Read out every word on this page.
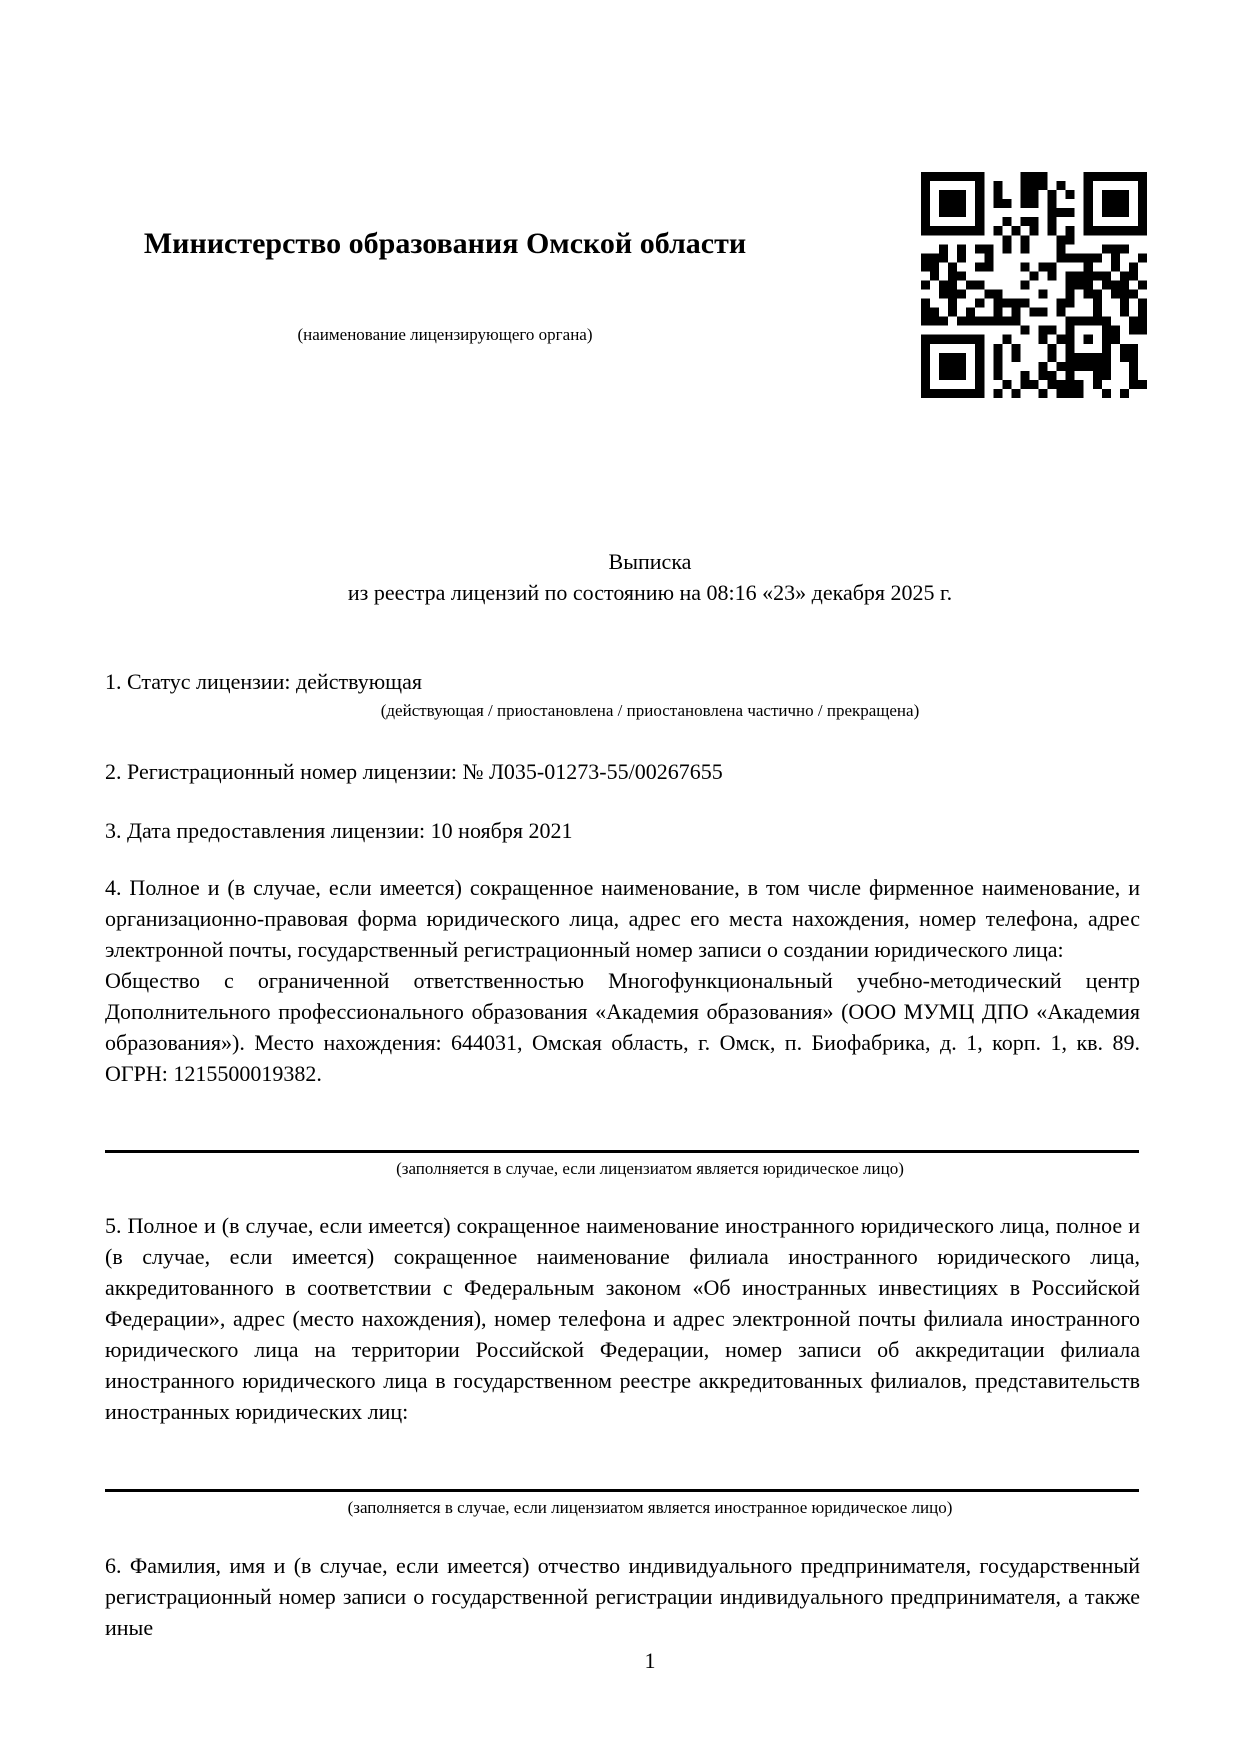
Министерство образования Омской области
(наименование лицензирующего органа)
Выписка
из реестра лицензий по состоянию на 08:16 «23» декабря 2025 г.
1. Статус лицензии: действующая
(действующая / приостановлена / приостановлена частично / прекращена)
2. Регистрационный номер лицензии: № Л035-01273-55/00267655
3. Дата предоставления лицензии: 10 ноября 2021
4. Полное и (в случае, если имеется) сокращенное наименование, в том числе фирменное наименование, и организационно-правовая форма юридического лица, адрес его места нахождения, номер телефона, адрес электронной почты, государственный регистрационный номер записи о создании юридического лица:
Общество с ограниченной ответственностью Многофункциональный учебно-методический центр Дополнительного профессионального образования «Академия образования» (ООО МУМЦ ДПО «Академия образования»). Место нахождения: 644031, Омская область, г. Омск, п. Биофабрика, д. 1, корп. 1, кв. 89. ОГРН: 1215500019382.
(заполняется в случае, если лицензиатом является юридическое лицо)
5. Полное и (в случае, если имеется) сокращенное наименование иностранного юридического лица, полное и (в случае, если имеется) сокращенное наименование филиала иностранного юридического лица, аккредитованного в соответствии с Федеральным законом «Об иностранных инвестициях в Российской Федерации», адрес (место нахождения), номер телефона и адрес электронной почты филиала иностранного юридического лица на территории Российской Федерации, номер записи об аккредитации филиала иностранного юридического лица в государственном реестре аккредитованных филиалов, представительств иностранных юридических лиц:
(заполняется в случае, если лицензиатом является иностранное юридическое лицо)
6. Фамилия, имя и (в случае, если имеется) отчество индивидуального предпринимателя, государственный регистрационный номер записи о государственной регистрации индивидуального предпринимателя, а также иные
1
